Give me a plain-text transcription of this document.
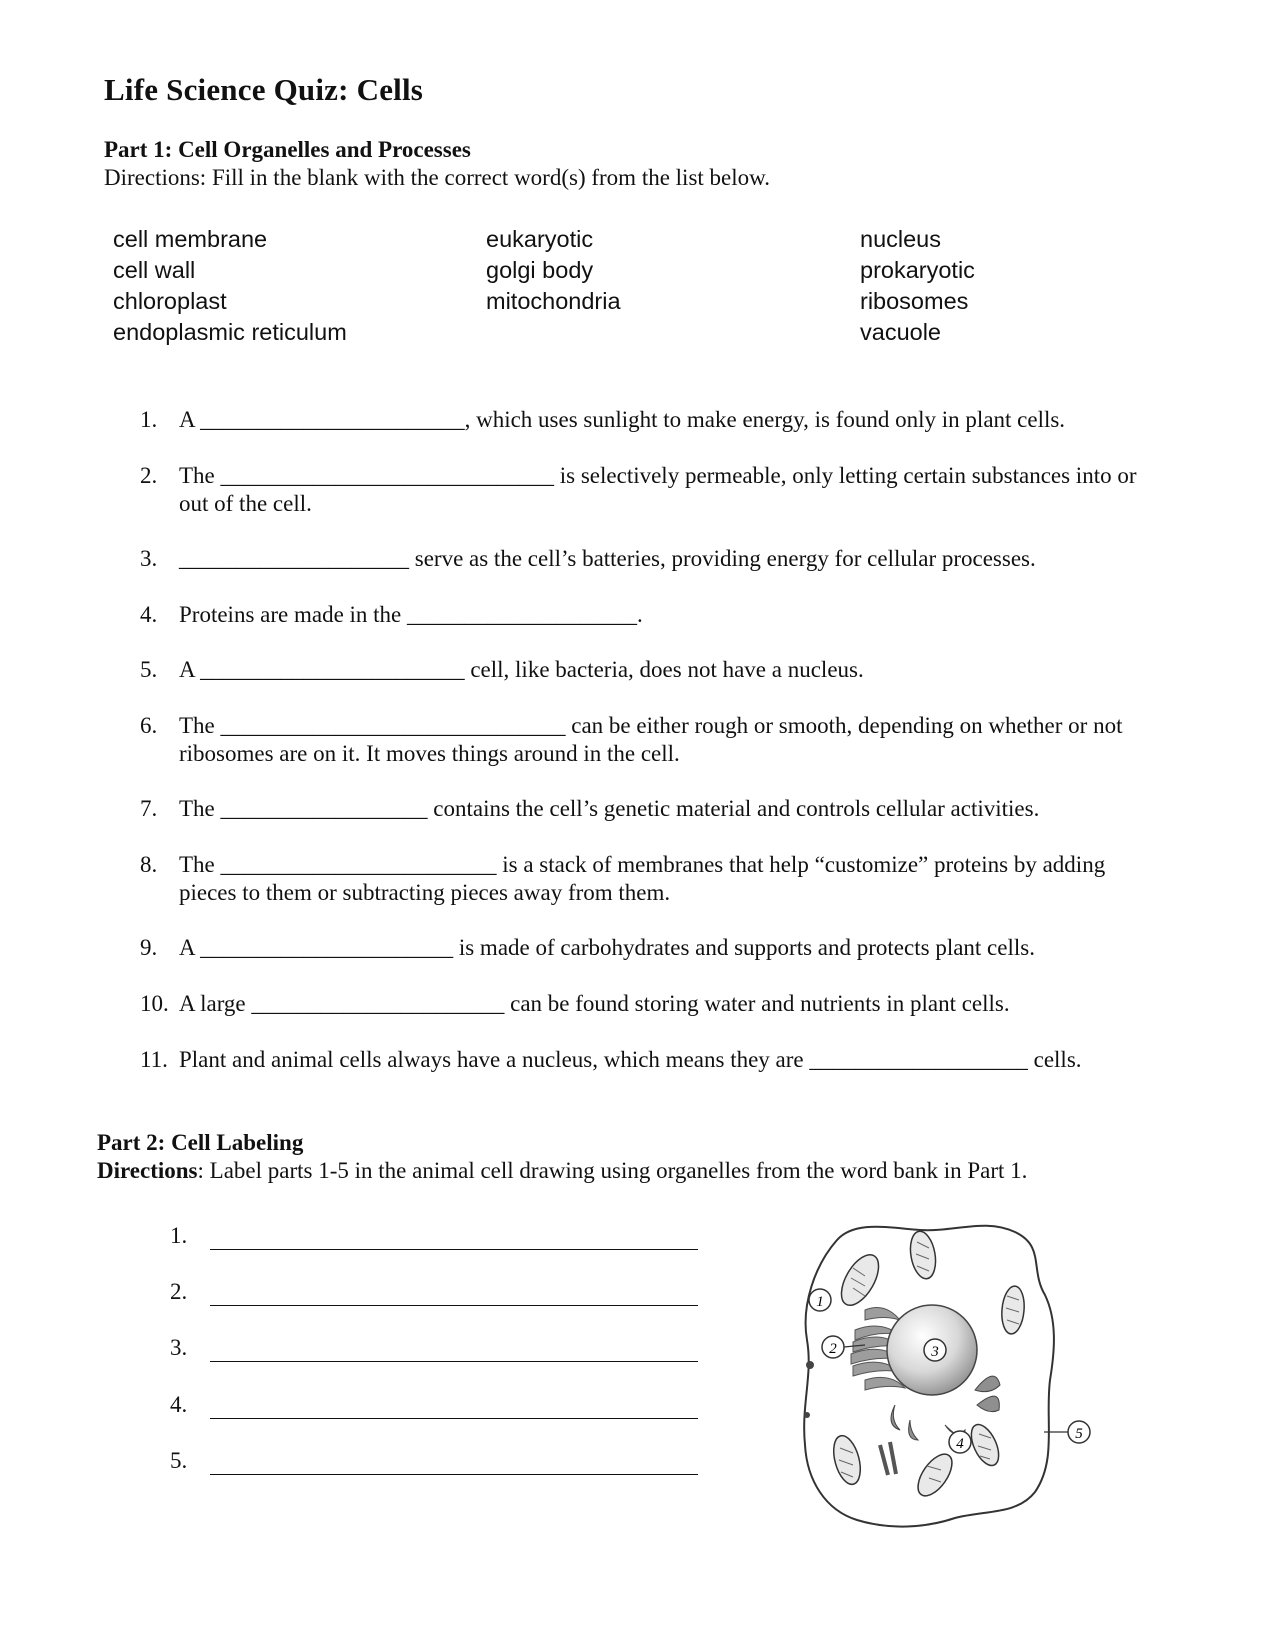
Life Science Quiz: Cells
Part 1: Cell Organelles and Processes
Directions: Fill in the blank with the correct word(s) from the list below.
cell membrane
cell wall
chloroplast
endoplasmic reticulum
eukaryotic
golgi body
mitochondria
nucleus
prokaryotic
ribosomes
vacuole
1. A _______________________, which uses sunlight to make energy, is found only in plant cells.
2. The _____________________________ is selectively permeable, only letting certain substances into or out of the cell.
3. ____________________ serve as the cell’s batteries, providing energy for cellular processes.
4. Proteins are made in the ____________________.
5. A _______________________ cell, like bacteria, does not have a nucleus.
6. The ______________________________ can be either rough or smooth, depending on whether or not ribosomes are on it. It moves things around in the cell.
7. The __________________ contains the cell’s genetic material and controls cellular activities.
8. The ________________________ is a stack of membranes that help “customize” proteins by adding pieces to them or subtracting pieces away from them.
9. A ______________________ is made of carbohydrates and supports and protects plant cells.
10. A large ______________________ can be found storing water and nutrients in plant cells.
11. Plant and animal cells always have a nucleus, which means they are ___________________ cells.
Part 2: Cell Labeling
Directions: Label parts 1-5 in the animal cell drawing using organelles from the word bank in Part 1.
1.
2.
3.
4.
5.
1
2	3
4
5
